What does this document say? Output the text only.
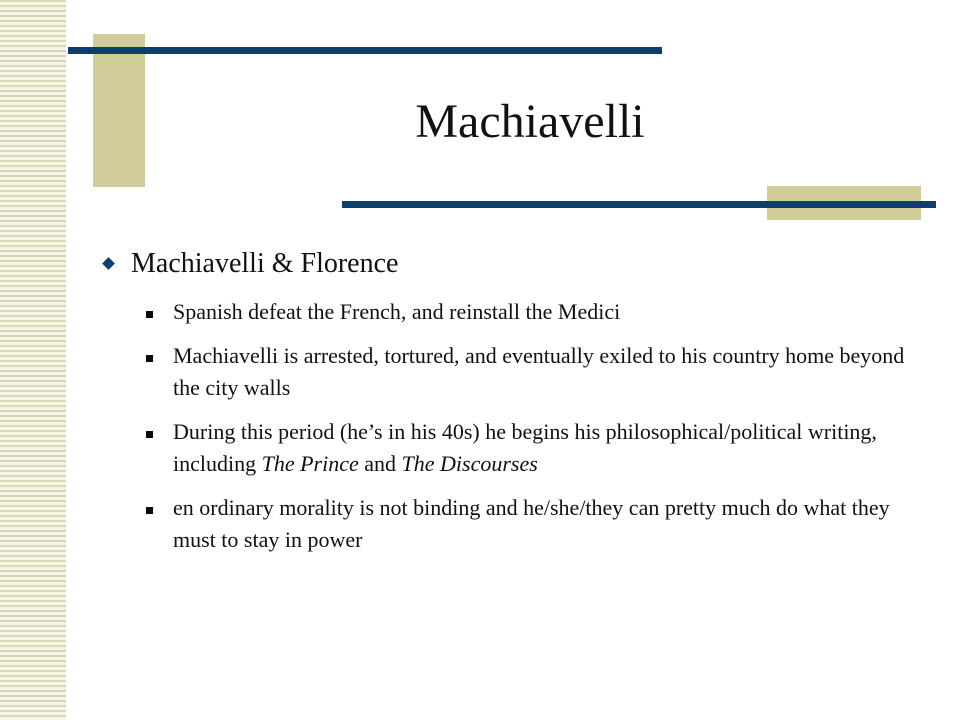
Machiavelli
Machiavelli & Florence
Spanish defeat the French, and reinstall the Medici
Machiavelli is arrested, tortured, and eventually exiled to his country home beyond the city walls
During this period (he’s in his 40s) he begins his philosophical/political writing, including The Prince and The Discourses
en ordinary morality is not binding and he/she/they can pretty much do what they must to stay in power
